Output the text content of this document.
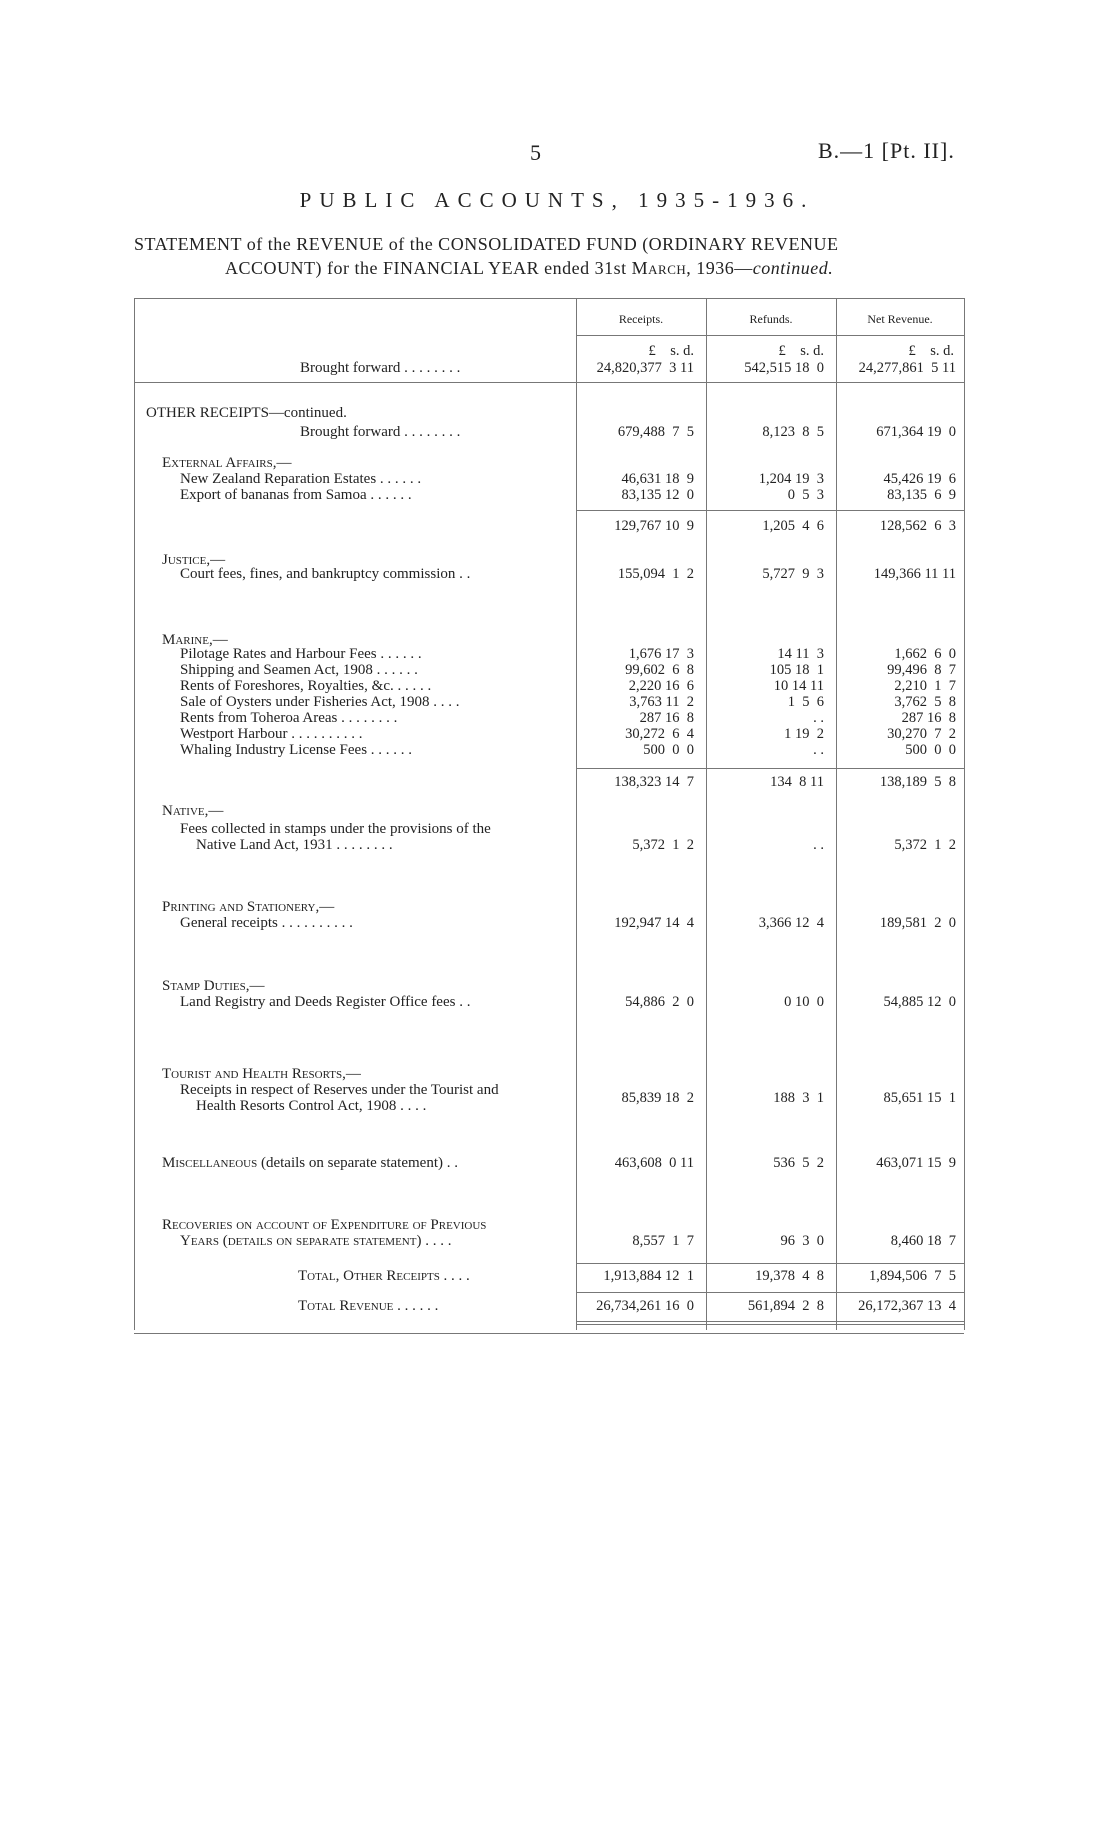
5	B.—1 [Pt. II].
PUBLIC ACCOUNTS, 1935-1936.
STATEMENT of the REVENUE of the CONSOLIDATED FUND (ORDINARY REVENUE
ACCOUNT) for the FINANCIAL YEAR ended 31st March, 1936—continued.
Receipts.	Refunds.	Net Revenue.
£    s. d.	£    s. d.	£    s. d.
Brought forward . . . . . . . .	24,820,377  3 11	542,515 18  0	24,277,861  5 11
OTHER RECEIPTS—continued.
Brought forward . . . . . . . .	679,488  7  5	8,123  8  5	671,364 19  0
External Affairs,—
New Zealand Reparation Estates . . . . . .	46,631 18  9	1,204 19  3	45,426 19  6
Export of bananas from Samoa . . . . . .	83,135 12  0	0  5  3	83,135  6  9
129,767 10  9	1,205  4  6	128,562  6  3
Justice,—
Court fees, fines, and bankruptcy commission . .	155,094  1  2	5,727  9  3	149,366 11 11
Marine,—
Pilotage Rates and Harbour Fees . . . . . .	1,676 17  3	14 11  3	1,662  6  0
Shipping and Seamen Act, 1908 . . . . . .	99,602  6  8	105 18  1	99,496  8  7
Rents of Foreshores, Royalties, &c. . . . . .	2,220 16  6	10 14 11	2,210  1  7
Sale of Oysters under Fisheries Act, 1908 . . . .	3,763 11  2	1  5  6	3,762  5  8
Rents from Toheroa Areas . . . . . . . .	287 16  8	. .	287 16  8
Westport Harbour . . . . . . . . . .	30,272  6  4	1 19  2	30,270  7  2
Whaling Industry License Fees . . . . . .	500  0  0	. .	500  0  0
138,323 14  7	134  8 11	138,189  5  8
Native,—
Fees collected in stamps under the provisions of the
Native Land Act, 1931 . . . . . . . .	5,372  1  2	. .	5,372  1  2
Printing and Stationery,—
General receipts . . . . . . . . . .	192,947 14  4	3,366 12  4	189,581  2  0
Stamp Duties,—
Land Registry and Deeds Register Office fees . .	54,886  2  0	0 10  0	54,885 12  0
Tourist and Health Resorts,—
Receipts in respect of Reserves under the Tourist and
Health Resorts Control Act, 1908 . . . .	85,839 18  2	188  3  1	85,651 15  1
Miscellaneous (details on separate statement) . .	463,608  0 11	536  5  2	463,071 15  9
Recoveries on account of Expenditure of Previous
Years (details on separate statement) . . . .	8,557  1  7	96  3  0	8,460 18  7
Total, Other Receipts . . . .	1,913,884 12  1	19,378  4  8	1,894,506  7  5
Total Revenue . . . . . .	26,734,261 16  0	561,894  2  8	26,172,367 13  4
